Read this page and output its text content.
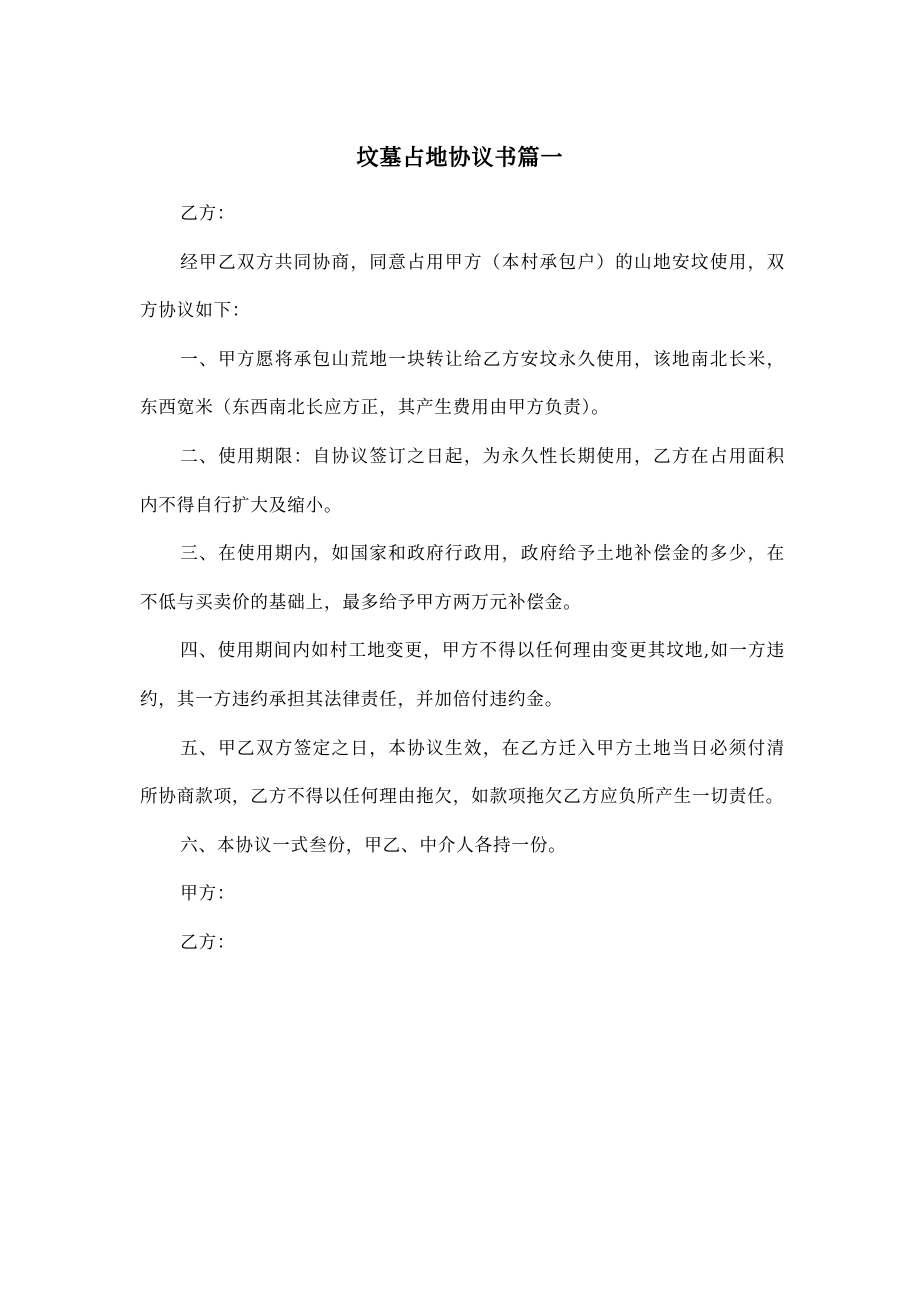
坟墓占地协议书篇一

乙方：

经甲乙双方共同协商，同意占用甲方（本村承包户）的山地安坟使用，双方协议如下：

一、甲方愿将承包山荒地一块转让给乙方安坟永久使用，该地南北长米，东西宽米（东西南北长应方正，其产生费用由甲方负责）。

二、使用期限：自协议签订之日起，为永久性长期使用，乙方在占用面积内不得自行扩大及缩小。

三、在使用期内，如国家和政府行政用，政府给予土地补偿金的多少，在不低与买卖价的基础上，最多给予甲方两万元补偿金。

四、使用期间内如村工地变更，甲方不得以任何理由变更其坟地,如一方违约，其一方违约承担其法律责任，并加倍付违约金。

五、甲乙双方签定之日，本协议生效，在乙方迁入甲方土地当日必须付清所协商款项，乙方不得以任何理由拖欠，如款项拖欠乙方应负所产生一切责任。

六、本协议一式叁份，甲乙、中介人各持一份。

甲方：

乙方：
